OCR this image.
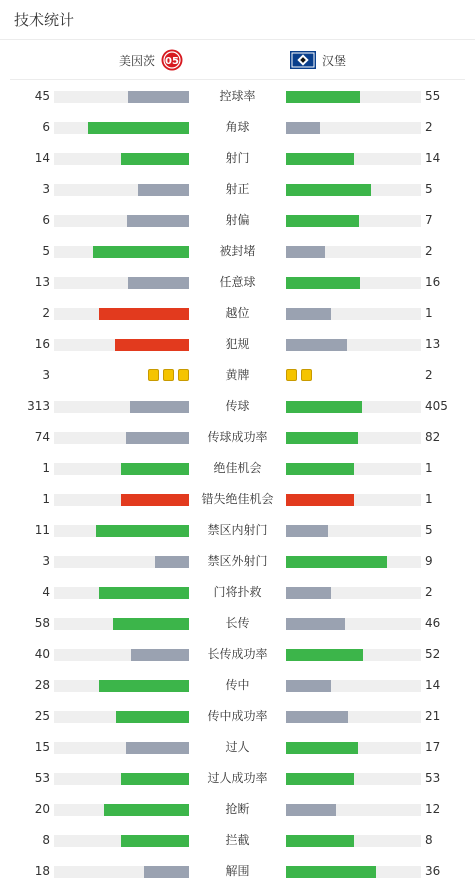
技术统计
美因茨 05	汉堡
45	控球率	55
6	角球	2
14	射门	14
3	射正	5
6	射偏	7
5	被封堵	2
13	任意球	16
2	越位	1
16	犯规	13
3	黄牌	2
313	传球	405
74	传球成功率	82
1	绝佳机会	1
1	错失绝佳机会	1
11	禁区内射门	5
3	禁区外射门	9
4	门将扑救	2
58	长传	46
40	长传成功率	52
28	传中	14
25	传中成功率	21
15	过人	17
53	过人成功率	53
20	抢断	12
8	拦截	8
18	解围	36
